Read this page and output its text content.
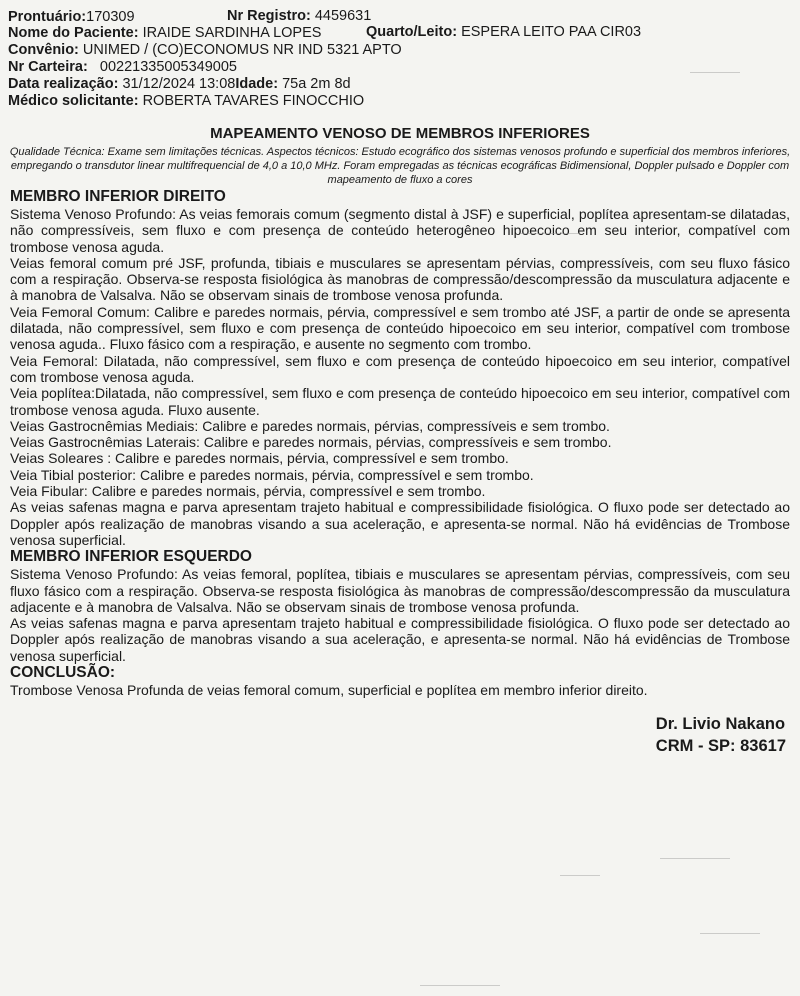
Prontuário:170309	Nr Registro: 4459631
Nome do Paciente: IRAIDE SARDINHA LOPES	Quarto/Leito: ESPERA LEITO PAA CIR03
Convênio: UNIMED / (CO)ECONOMUS NR IND 5321 APTO
Nr Carteira: 00221335005349005
Data realização: 31/12/2024 13:08Idade: 75a 2m 8d
Médico solicitante: ROBERTA TAVARES FINOCCHIO
MAPEAMENTO VENOSO DE MEMBROS INFERIORES
Qualidade Técnica: Exame sem limitações técnicas. Aspectos técnicos: Estudo ecográfico dos sistemas venosos profundo e superficial dos membros inferiores, empregando o transdutor linear multifrequencial de 4,0 a 10,0 MHz. Foram empregadas as técnicas ecográficas Bidimensional, Doppler pulsado e Doppler com mapeamento de fluxo a cores
MEMBRO INFERIOR DIREITO

Sistema Venoso Profundo: As veias femorais comum (segmento distal à JSF) e superficial, poplítea apresentam-se dilatadas, não compressíveis, sem fluxo e com presença de conteúdo heterogêneo hipoecoico em seu interior, compatível com trombose venosa aguda.

Veias femoral comum pré JSF, profunda, tibiais e musculares se apresentam pérvias, compressíveis, com seu fluxo fásico com a respiração. Observa-se resposta fisiológica às manobras de compressão/descompressão da musculatura adjacente e à manobra de Valsalva. Não se observam sinais de trombose venosa profunda.

Veia Femoral Comum: Calibre e paredes normais, pérvia, compressível e sem trombo até JSF, a partir de onde se apresenta dilatada, não compressível, sem fluxo e com presença de conteúdo hipoecoico em seu interior, compatível com trombose venosa aguda.. Fluxo fásico com a respiração, e ausente no segmento com trombo.

Veia Femoral: Dilatada, não compressível, sem fluxo e com presença de conteúdo hipoecoico em seu interior, compatível com trombose venosa aguda.

Veia poplítea:Dilatada, não compressível, sem fluxo e com presença de conteúdo hipoecoico em seu interior, compatível com trombose venosa aguda. Fluxo ausente.

Veias Gastrocnêmias Mediais: Calibre e paredes normais, pérvias, compressíveis e sem trombo.

Veias Gastrocnêmias Laterais: Calibre e paredes normais, pérvias, compressíveis e sem trombo.

Veias Soleares : Calibre e paredes normais, pérvia, compressível e sem trombo.

Veia Tibial posterior: Calibre e paredes normais, pérvia, compressível e sem trombo.

Veia Fibular: Calibre e paredes normais, pérvia, compressível e sem trombo.

As veias safenas magna e parva apresentam trajeto habitual e compressibilidade fisiológica. O fluxo pode ser detectado ao Doppler após realização de manobras visando a sua aceleração, e apresenta-se normal. Não há evidências de Trombose venosa superficial.

MEMBRO INFERIOR ESQUERDO

Sistema Venoso Profundo: As veias femoral, poplítea, tibiais e musculares se apresentam pérvias, compressíveis, com seu fluxo fásico com a respiração. Observa-se resposta fisiológica às manobras de compressão/descompressão da musculatura adjacente e à manobra de Valsalva. Não se observam sinais de trombose venosa profunda.

As veias safenas magna e parva apresentam trajeto habitual e compressibilidade fisiológica. O fluxo pode ser detectado ao Doppler após realização de manobras visando a sua aceleração, e apresenta-se normal. Não há evidências de Trombose venosa superficial.

CONCLUSÃO:

Trombose Venosa Profunda de veias femoral comum, superficial e poplítea em membro inferior direito.

Dr. Livio Nakano
CRM - SP: 83617
